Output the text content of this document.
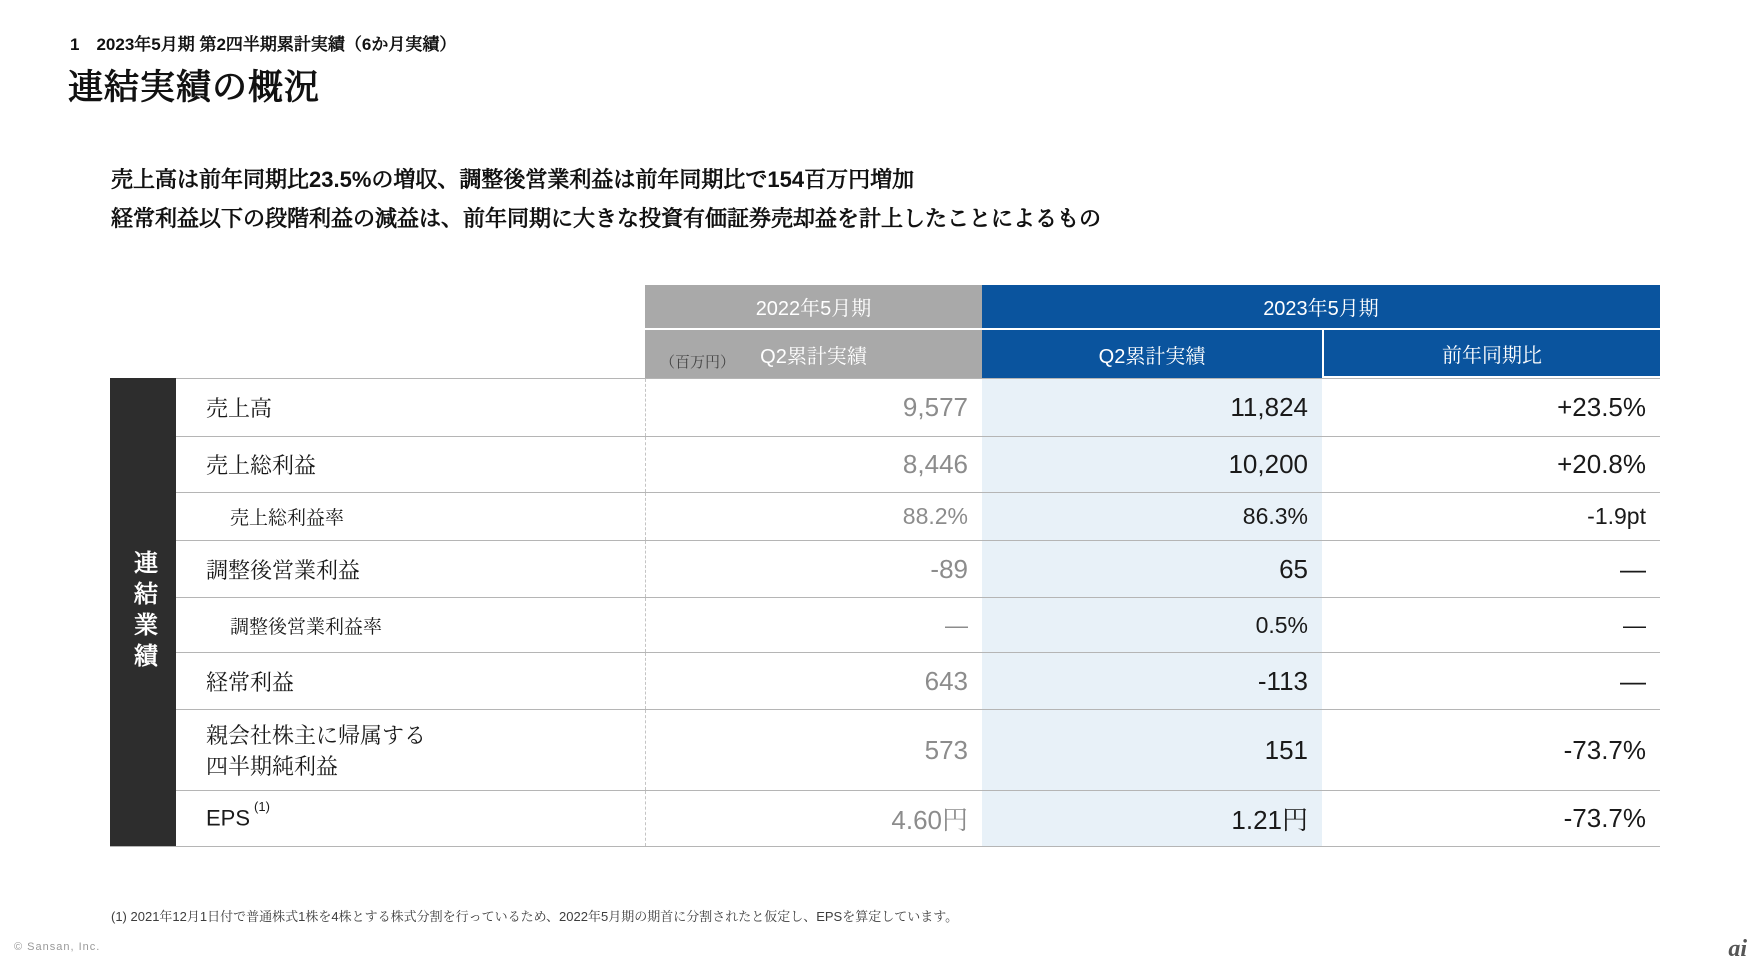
1　2023年5月期 第2四半期累計実績（6か月実績）
連結実績の概況
売上高は前年同期比23.5%の増収、調整後営業利益は前年同期比で154百万円増加
経常利益以下の段階利益の減益は、前年同期に大きな投資有価証券売却益を計上したことによるもの
（百万円）
2022年5月期	2023年5月期
Q2累計実績	Q2累計実績	前年同期比
連結業績
売上高	9,577	11,824	+23.5%
売上総利益	8,446	10,200	+20.8%
売上総利益率	88.2%	86.3%	-1.9pt
調整後営業利益	-89	65	—
調整後営業利益率	—	0.5%	—
経常利益	643	-113	—
親会社株主に帰属する
四半期純利益
573	151	-73.7%
EPS $^{(1)}$	4.60円	1.21円	-73.7%
(1) 2021年12月1日付で普通株式1株を4株とする株式分割を行っているため、2022年5月期の期首に分割されたと仮定し、EPSを算定しています。
© Sansan, Inc.	ai
